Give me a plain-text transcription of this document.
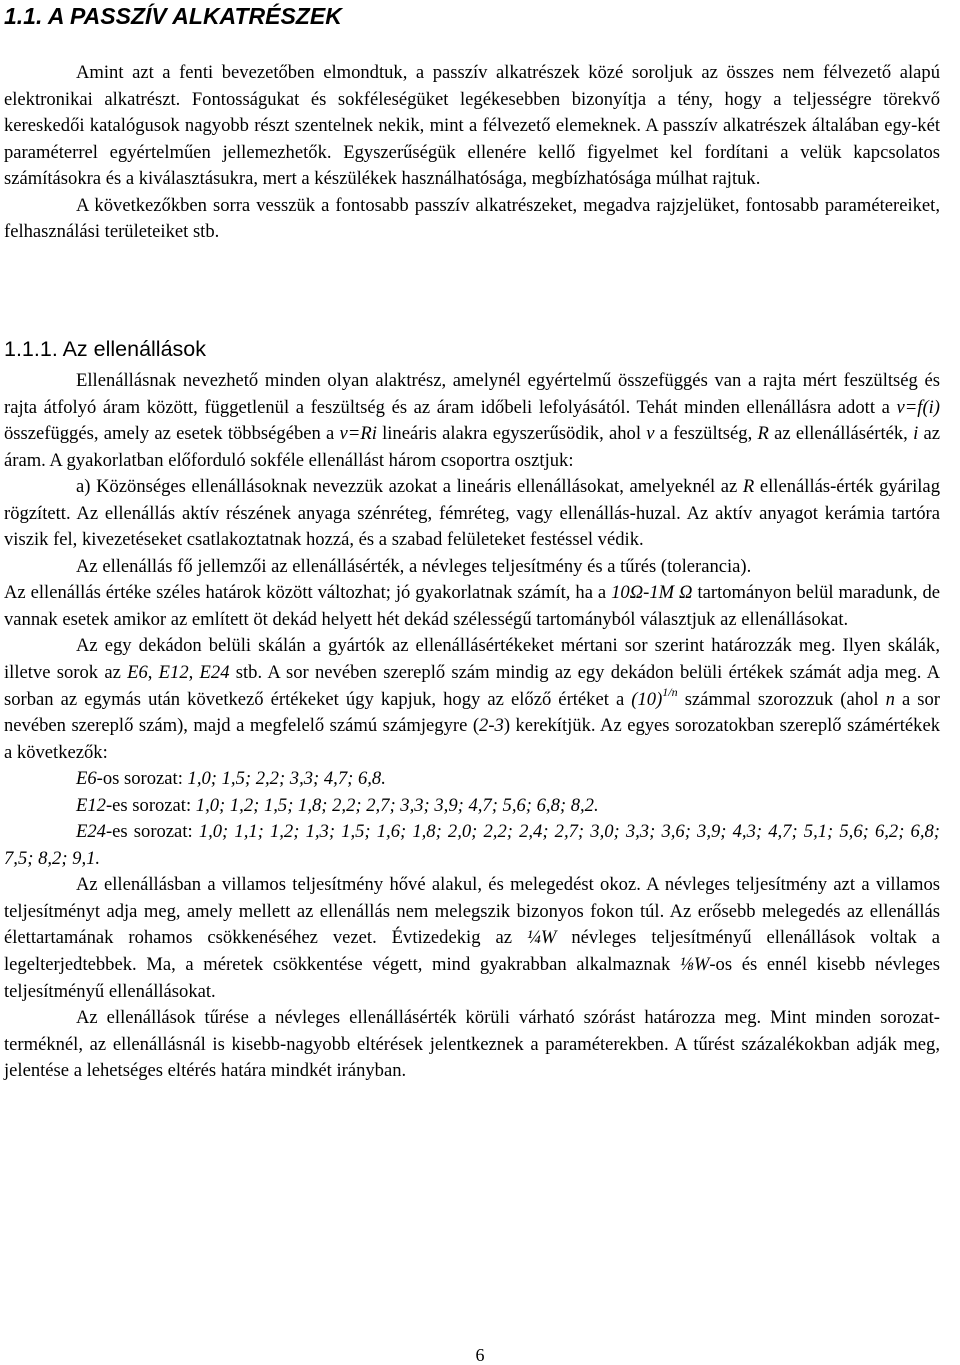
1.1. A PASSZÍV ALKATRÉSZEK

Amint azt a fenti bevezetőben elmondtuk, a passzív alkatrészek közé soroljuk az összes nem félvezető alapú elektronikai alkatrészt. Fontosságukat és sokféleségüket legékesebben bizonyítja a tény, hogy a teljességre törekvő kereskedői katalógusok nagyobb részt szentelnek nekik, mint a félvezető elemeknek. A passzív alkatrészek általában egy-két paraméterrel egyértelműen jellemezhetők. Egyszerűségük ellenére kellő figyelmet kel fordítani a velük kapcsolatos számításokra és a kiválasztásukra, mert a készülékek használhatósága, megbízhatósága múlhat rajtuk.

A következőkben sorra vesszük a fontosabb passzív alkatrészeket, megadva rajzjelüket, fontosabb paramétereiket, felhasználási területeiket stb.

1.1.1. Az ellenállások

Ellenállásnak nevezhető minden olyan alaktrész, amelynél egyértelmű összefüggés van a rajta mért feszültség és rajta átfolyó áram között, függetlenül a feszültség és az áram időbeli lefolyásától. Tehát minden ellenállásra adott a v=f(i) összefüggés, amely az esetek többségében a v=Ri lineáris alakra egyszerűsödik, ahol v a feszültség, R az ellenállásérték, i az áram. A gyakorlatban előforduló sokféle ellenállást három csoportra osztjuk:

a) Közönséges ellenállásoknak nevezzük azokat a lineáris ellenállásokat, amelyeknél az R ellenállás-érték gyárilag rögzített. Az ellenállás aktív részének anyaga szénréteg, fémréteg, vagy ellenállás-huzal. Az aktív anyagot kerámia tartóra viszik fel, kivezetéseket csatlakoztatnak hozzá, és a szabad felületeket festéssel védik.

Az ellenállás fő jellemzői az ellenállásérték, a névleges teljesítmény és a tűrés (tolerancia).

Az ellenállás értéke széles határok között változhat; jó gyakorlatnak számít, ha a 10Ω-1M Ω tartományon belül maradunk, de vannak esetek amikor az említett öt dekád helyett hét dekád szélességű tartományból választjuk az ellenállásokat.

Az egy dekádon belüli skálán a gyártók az ellenállásértékeket mértani sor szerint határozzák meg. Ilyen skálák, illetve sorok az E6, E12, E24 stb. A sor nevében szereplő szám mindig az egy dekádon belüli értékek számát adja meg. A sorban az egymás után következő értékeket úgy kapjuk, hogy az előző értéket a $(10)^{1/n}$ számmal szorozzuk (ahol n a sor nevében szereplő szám), majd a megfelelő számú számjegyre (2-3) kerekítjük. Az egyes sorozatokban szereplő számértékek a következők:

E6-os sorozat: 1,0; 1,5; 2,2; 3,3; 4,7; 6,8.

E12-es sorozat: 1,0; 1,2; 1,5; 1,8; 2,2; 2,7; 3,3; 3,9; 4,7; 5,6; 6,8; 8,2.

E24-es sorozat: 1,0; 1,1; 1,2; 1,3; 1,5; 1,6; 1,8; 2,0; 2,2; 2,4; 2,7; 3,0; 3,3; 3,6; 3,9; 4,3; 4,7; 5,1; 5,6; 6,2; 6,8; 7,5; 8,2; 9,1.

Az ellenállásban a villamos teljesítmény hővé alakul, és melegedést okoz. A névleges teljesítmény azt a villamos teljesítményt adja meg, amely mellett az ellenállás nem melegszik bizonyos fokon túl. Az erősebb melegedés az ellenállás élettartamának rohamos csökkenéséhez vezet. Évtizedekig az ¼W névleges teljesítményű ellenállások voltak a legelterjedtebbek. Ma, a méretek csökkentése végett, mind gyakrabban alkalmaznak ⅛W-os és ennél kisebb névleges teljesítményű ellenállásokat.

Az ellenállások tűrése a névleges ellenállásérték körüli várható szórást határozza meg. Mint minden sorozat-terméknél, az ellenállásnál is kisebb-nagyobb eltérések jelentkeznek a paraméterekben. A tűrést százalékokban adják meg, jelentése a lehetséges eltérés határa mindkét irányban.

6
